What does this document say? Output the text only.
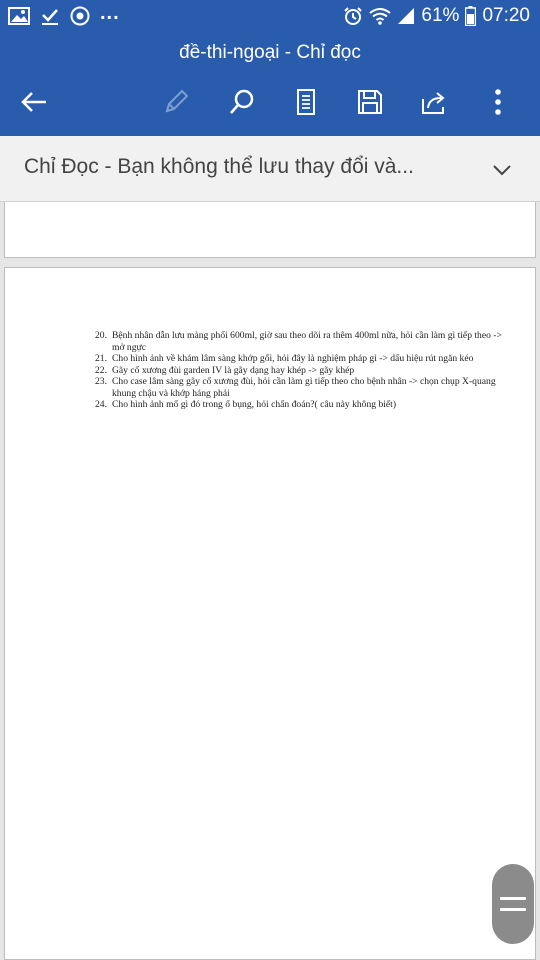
...	61% 07:20
đề-thi-ngoại - Chỉ đọc
Chỉ Đọc - Bạn không thể lưu thay đổi và...
20. Bệnh nhân dẫn lưu màng phổi 600ml, giờ sau theo dõi ra thêm 400ml nữa, hỏi cần làm gì tiếp theo -> mở ngực
21. Cho hình ảnh về khám lâm sàng khớp gối, hỏi đây là nghiệm pháp gì -> dấu hiệu rút ngăn kéo
22. Gãy cổ xương đùi garden IV là gãy dạng hay khép -> gãy khép
23. Cho case lâm sàng gãy cổ xương đùi, hỏi cần làm gì tiếp theo cho bệnh nhân -> chọn chụp X-quang khung chậu và khớp háng phải
24. Cho hình ảnh mổ gì đó trong ổ bụng, hỏi chẩn đoán?( câu này không biết)
